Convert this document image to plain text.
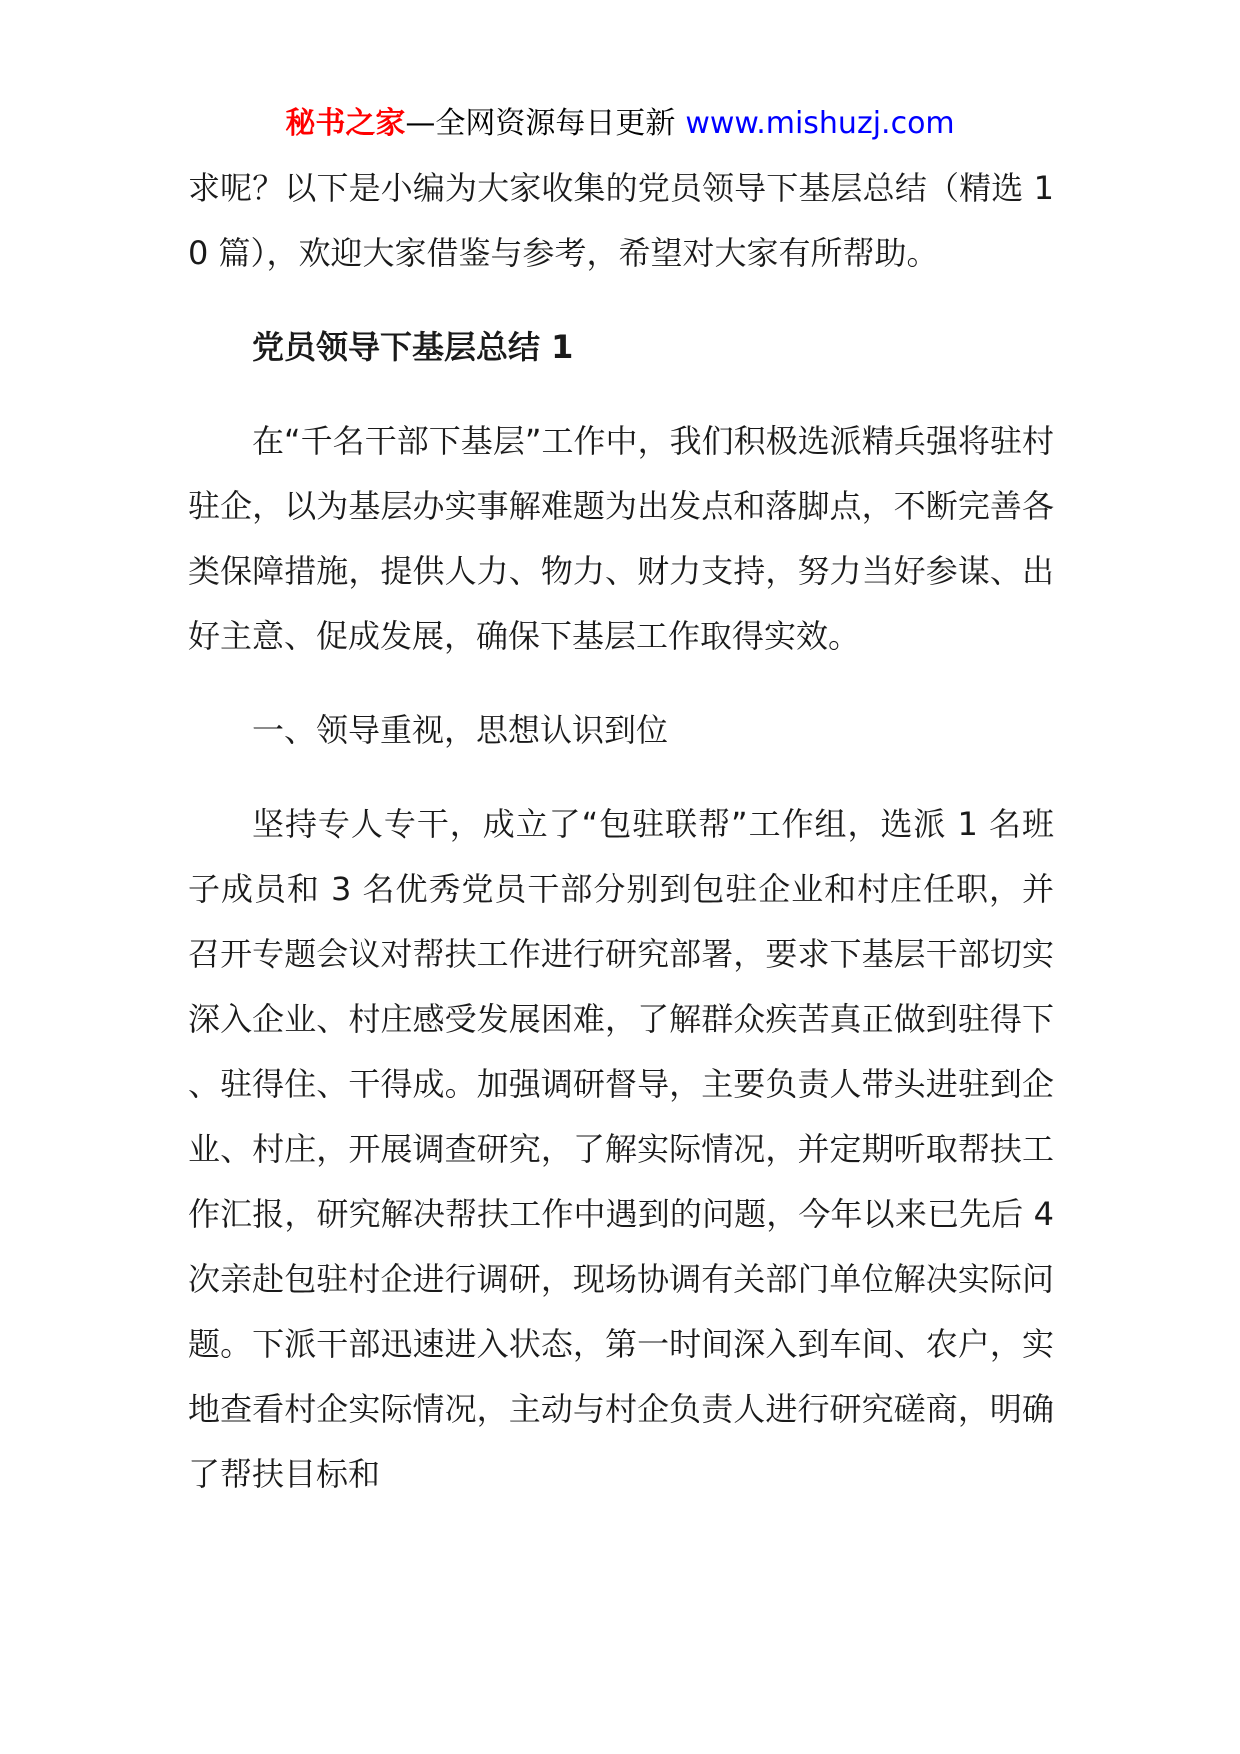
秘书之家—全网资源每日更新 www.mishuzj.com

求呢？以下是小编为大家收集的党员领导下基层总结（精选 10 篇），欢迎大家借鉴与参考，希望对大家有所帮助。

党员领导下基层总结 1

在“千名干部下基层”工作中，我们积极选派精兵强将驻村驻企，以为基层办实事解难题为出发点和落脚点，不断完善各类保障措施，提供人力、物力、财力支持，努力当好参谋、出好主意、促成发展，确保下基层工作取得实效。

一、领导重视，思想认识到位

坚持专人专干，成立了“包驻联帮”工作组，选派 1 名班子成员和 3 名优秀党员干部分别到包驻企业和村庄任职，并召开专题会议对帮扶工作进行研究部署，要求下基层干部切实深入企业、村庄感受发展困难，了解群众疾苦真正做到驻得下、驻得住、干得成。加强调研督导，主要负责人带头进驻到企业、村庄，开展调查研究，了解实际情况，并定期听取帮扶工作汇报，研究解决帮扶工作中遇到的问题，今年以来已先后 4 次亲赴包驻村企进行调研，现场协调有关部门单位解决实际问题。下派干部迅速进入状态，第一时间深入到车间、农户，实地查看村企实际情况，主动与村企负责人进行研究磋商，明确了帮扶目标和
